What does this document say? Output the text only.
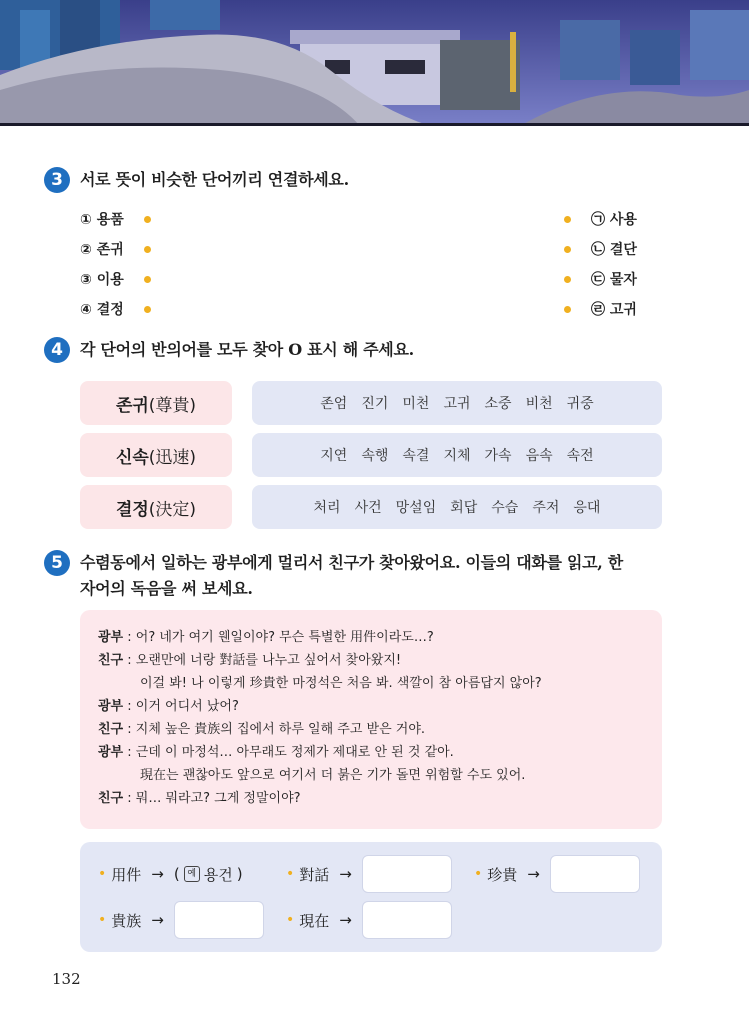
3	서로 뜻이 비슷한 단어끼리 연결하세요.
① 용품
② 존귀
③ 이용
④ 결정
㉠ 사용
㉡ 결단
㉢ 물자
㉣ 고귀
4	각 단어의 반의어를 모두 찾아 O 표시 해 주세요.
존귀 (尊貴)	존엄 진기 미천 고귀 소중 비천 귀중
신속 (迅速)	지연 속행 속결 지체 가속 음속 속전
결정 (決定)	처리 사건 망설임 회답 수습 주저 응대
5	수렴동에서 일하는 광부에게 멀리서 친구가 찾아왔어요. 이들의 대화를 읽고, 한
자어의 독음을 써 보세요.
광부 : 어? 네가 여기 웬일이야? 무슨 특별한 用件이라도…?
친구 : 오랜만에 너랑 對話를 나누고 싶어서 찾아왔지!
이걸 봐! 나 이렇게 珍貴한 마정석은 처음 봐. 색깔이 참 아름답지 않아?
광부 : 이거 어디서 났어?
친구 : 지체 높은 貴族의 집에서 하루 일해 주고 받은 거야.
광부 : 근데 이 마정석… 아무래도 정제가 제대로 안 된 것 같아.
現在는 괜찮아도 앞으로 여기서 더 붉은 기가 돌면 위험할 수도 있어.
친구 : 뭐… 뭐라고? 그게 정말이야?
• 用件 → ( 예 용건 )	• 對話 →	• 珍貴 →
• 貴族 →	• 現在 →
132
